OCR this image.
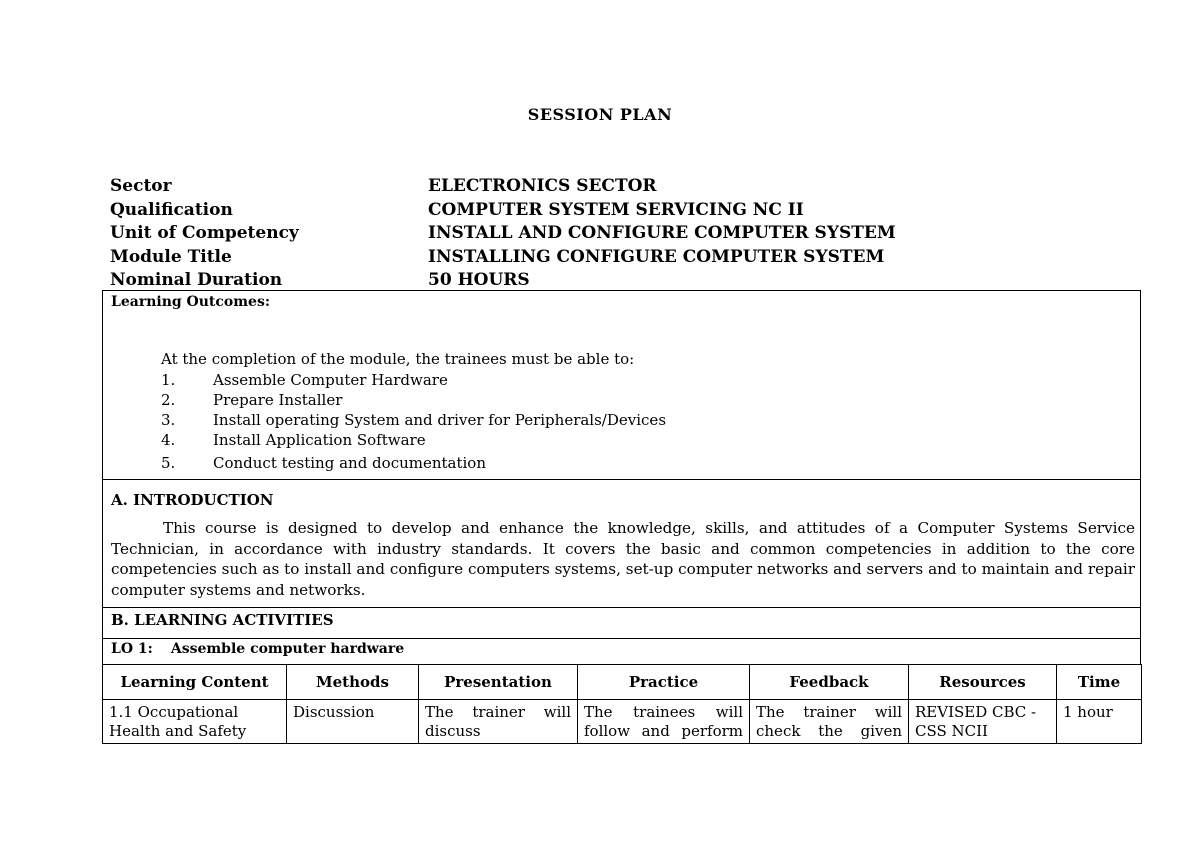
SESSION PLAN
Sector	ELECTRONICS SECTOR
Qualification	COMPUTER SYSTEM SERVICING NC II
Unit of Competency	INSTALL AND CONFIGURE COMPUTER SYSTEM
Module Title	INSTALLING CONFIGURE COMPUTER SYSTEM
Nominal Duration	50 HOURS
Learning Outcomes:
At the completion of the module, the trainees must be able to:
1.	Assemble Computer Hardware
2.	Prepare Installer
3.	Install operating System and driver for Peripherals/Devices
4.	Install Application Software
5.	Conduct testing and documentation
A. INTRODUCTION
This course is designed to develop and enhance the knowledge, skills, and attitudes of a Computer Systems Service Technician, in accordance with industry standards. It covers the basic and common competencies in addition to the core competencies such as to install and configure computers systems, set-up computer networks and servers and to maintain and repair computer systems and networks.
B. LEARNING ACTIVITIES
LO 1: Assemble computer hardware
Learning Content	Methods	Presentation	Practice	Feedback	Resources	Time
1.1 Occupational Health and Safety	Discussion	The trainer will discuss	The trainees will follow and perform	The trainer will check the given	REVISED CBC - CSS NCII	1 hour
